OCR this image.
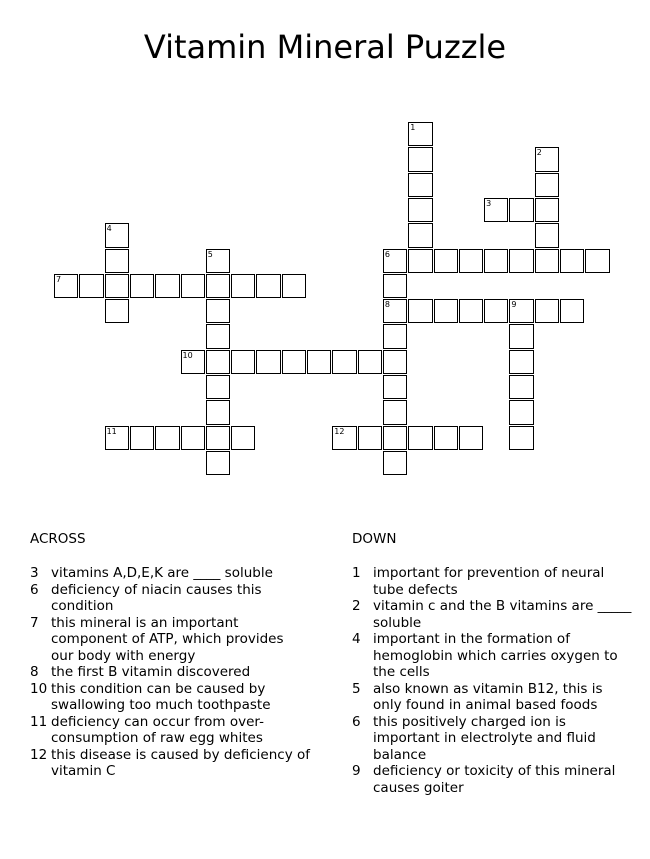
Vitamin Mineral Puzzle
1
2
3
4
5	6
8
7
9
10
11	12
ACROSS	DOWN
3 vitamins A,D,E,K are ____ soluble
6 deficiency of niacin causes this condition
7 this mineral is an important component of ATP, which provides our body with energy
8 the first B vitamin discovered
10 this condition can be caused by swallowing too much toothpaste
11 deficiency can occur from over-consumption of raw egg whites
12 this disease is caused by deficiency of vitamin C
1 important for prevention of neural tube defects
2 vitamin c and the B vitamins are _____ soluble
4 important in the formation of hemoglobin which carries oxygen to the cells
5 also known as vitamin B12, this is only found in animal based foods
6 this positively charged ion is important in electrolyte and fluid balance
9 deficiency or toxicity of this mineral causes goiter
